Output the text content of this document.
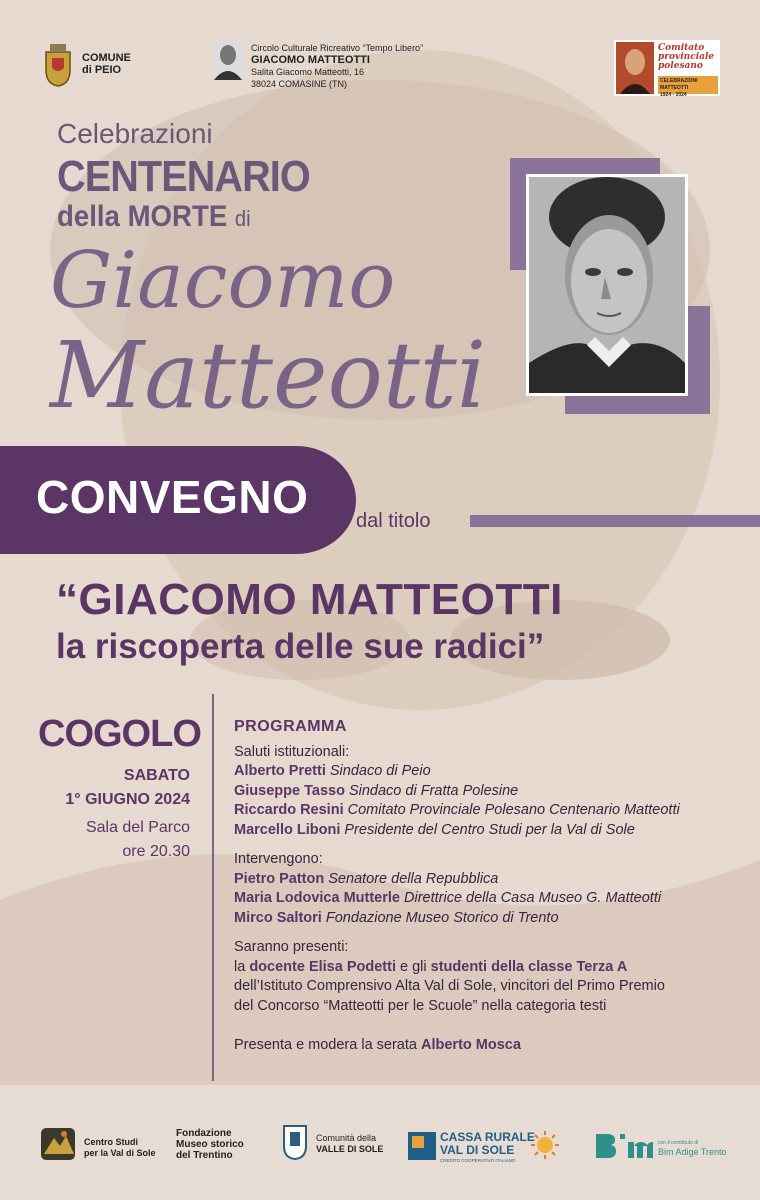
COMUNE
di PEIO
Circolo Culturale Ricreativo “Tempo Libero”
GIACOMO MATTEOTTI
Salita Giacomo Matteotti, 16
38024 COMASINE (TN)
Comitato
provinciale
polesano
CELEBRAZIONI MATTEOTTI
1924 - 2024
Celebrazioni
CENTENARIO
della MORTE di
Giacomo
Matteotti
CONVEGNO dal titolo
“GIACOMO MATTEOTTI
la riscoperta delle sue radici”
COGOLO
SABATO
1° GIUGNO 2024
Sala del Parco
ore 20.30
PROGRAMMA
Saluti istituzionali:
Alberto Pretti Sindaco di Peio
Giuseppe Tasso Sindaco di Fratta Polesine
Riccardo Resini Comitato Provinciale Polesano Centenario Matteotti
Marcello Liboni Presidente del Centro Studi per la Val di Sole
Intervengono:
Pietro Patton Senatore della Repubblica
Maria Lodovica Mutterle Direttrice della Casa Museo G. Matteotti
Mirco Saltori Fondazione Museo Storico di Trento
Saranno presenti:
la docente Elisa Podetti e gli studenti della classe Terza A
dell’Istituto Comprensivo Alta Val di Sole, vincitori del Primo Premio
del Concorso “Matteotti per le Scuole” nella categoria testi
Presenta e modera la serata Alberto Mosca
Centro Studi
per la Val di Sole
Fondazione
Museo storico
del Trentino
Comunità della
VALLE DI SOLE
CASSA RURALE
VAL DI SOLE
CREDITO COOPERATIVO ITALIANO
con il contributo di
Bim Adige Trento
